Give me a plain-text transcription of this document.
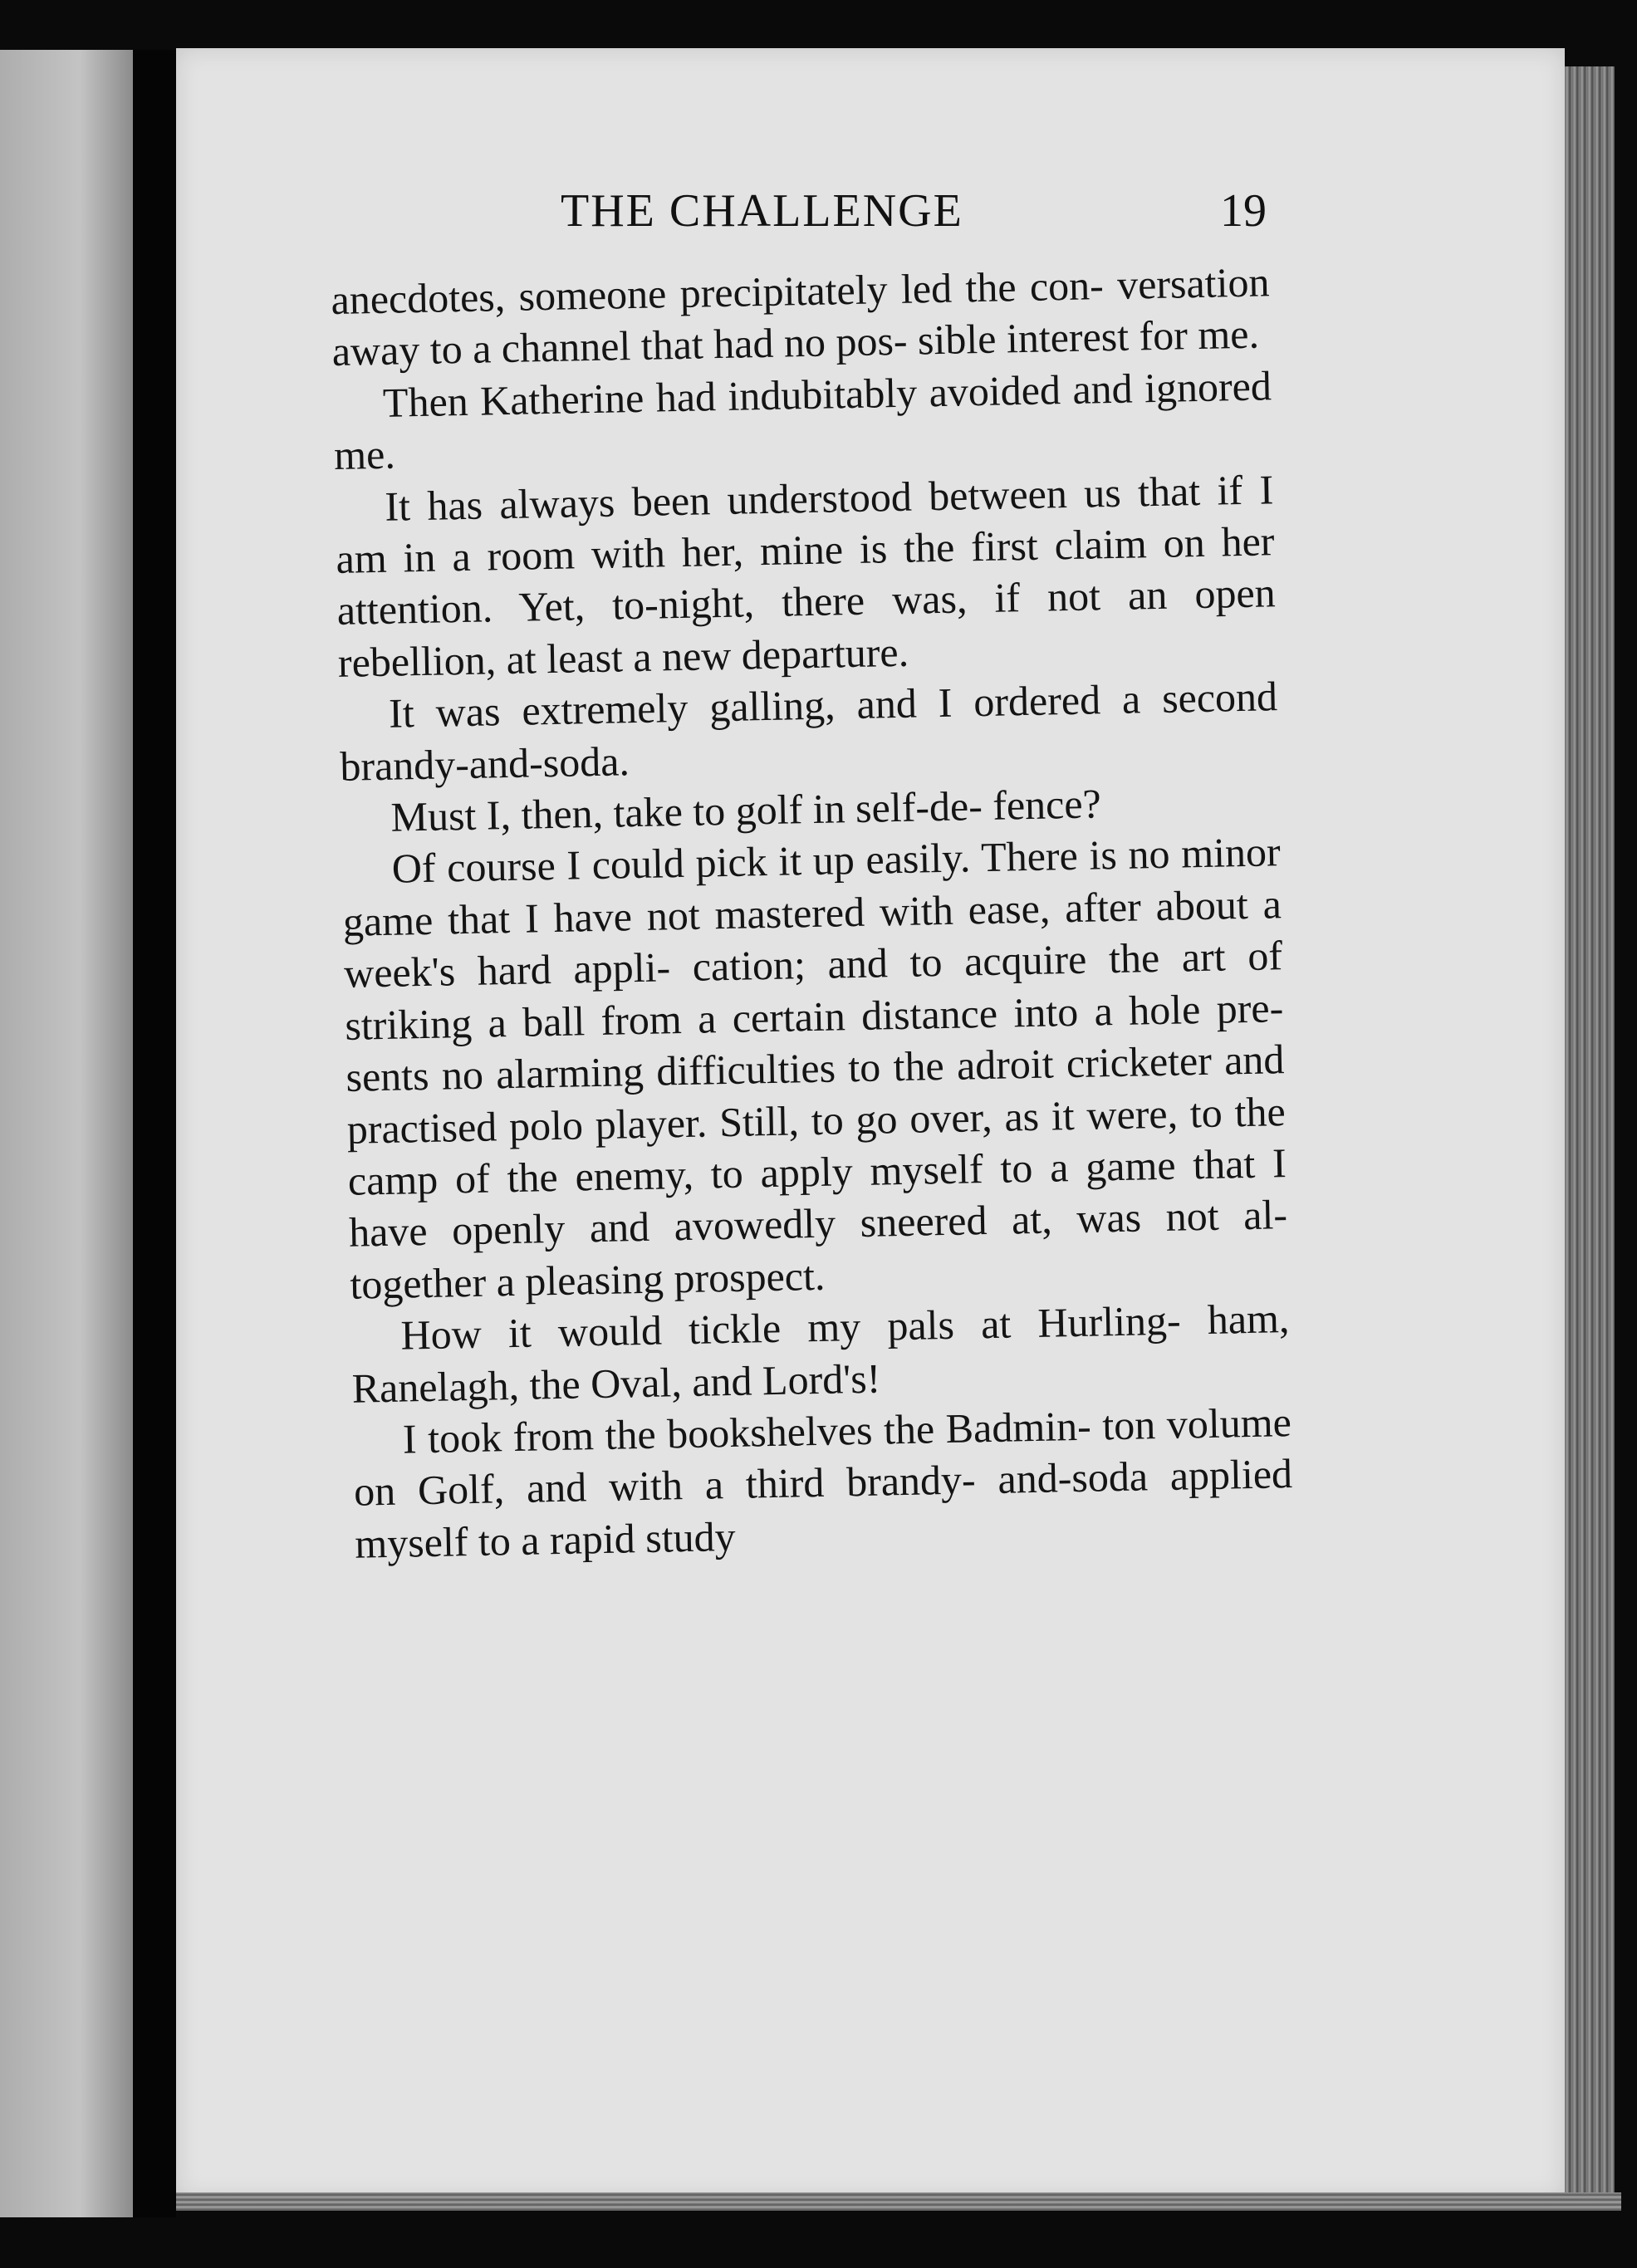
THE CHALLENGE	19

anecdotes, someone precipitately led the con- versation away to a channel that had no pos- sible interest for me.

Then Katherine had indubitably avoided and ignored me.

It has always been understood between us that if I am in a room with her, mine is the first claim on her attention. Yet, to-night, there was, if not an open rebellion, at least a new departure.

It was extremely galling, and I ordered a second brandy-and-soda.

Must I, then, take to golf in self-de- fence?

Of course I could pick it up easily. There is no minor game that I have not mastered with ease, after about a week's hard appli- cation; and to acquire the art of striking a ball from a certain distance into a hole pre- sents no alarming difficulties to the adroit cricketer and practised polo player. Still, to go over, as it were, to the camp of the enemy, to apply myself to a game that I have openly and avowedly sneered at, was not al- together a pleasing prospect.

How it would tickle my pals at Hurling- ham, Ranelagh, the Oval, and Lord's!

I took from the bookshelves the Badmin- ton volume on Golf, and with a third brandy- and-soda applied myself to a rapid study
